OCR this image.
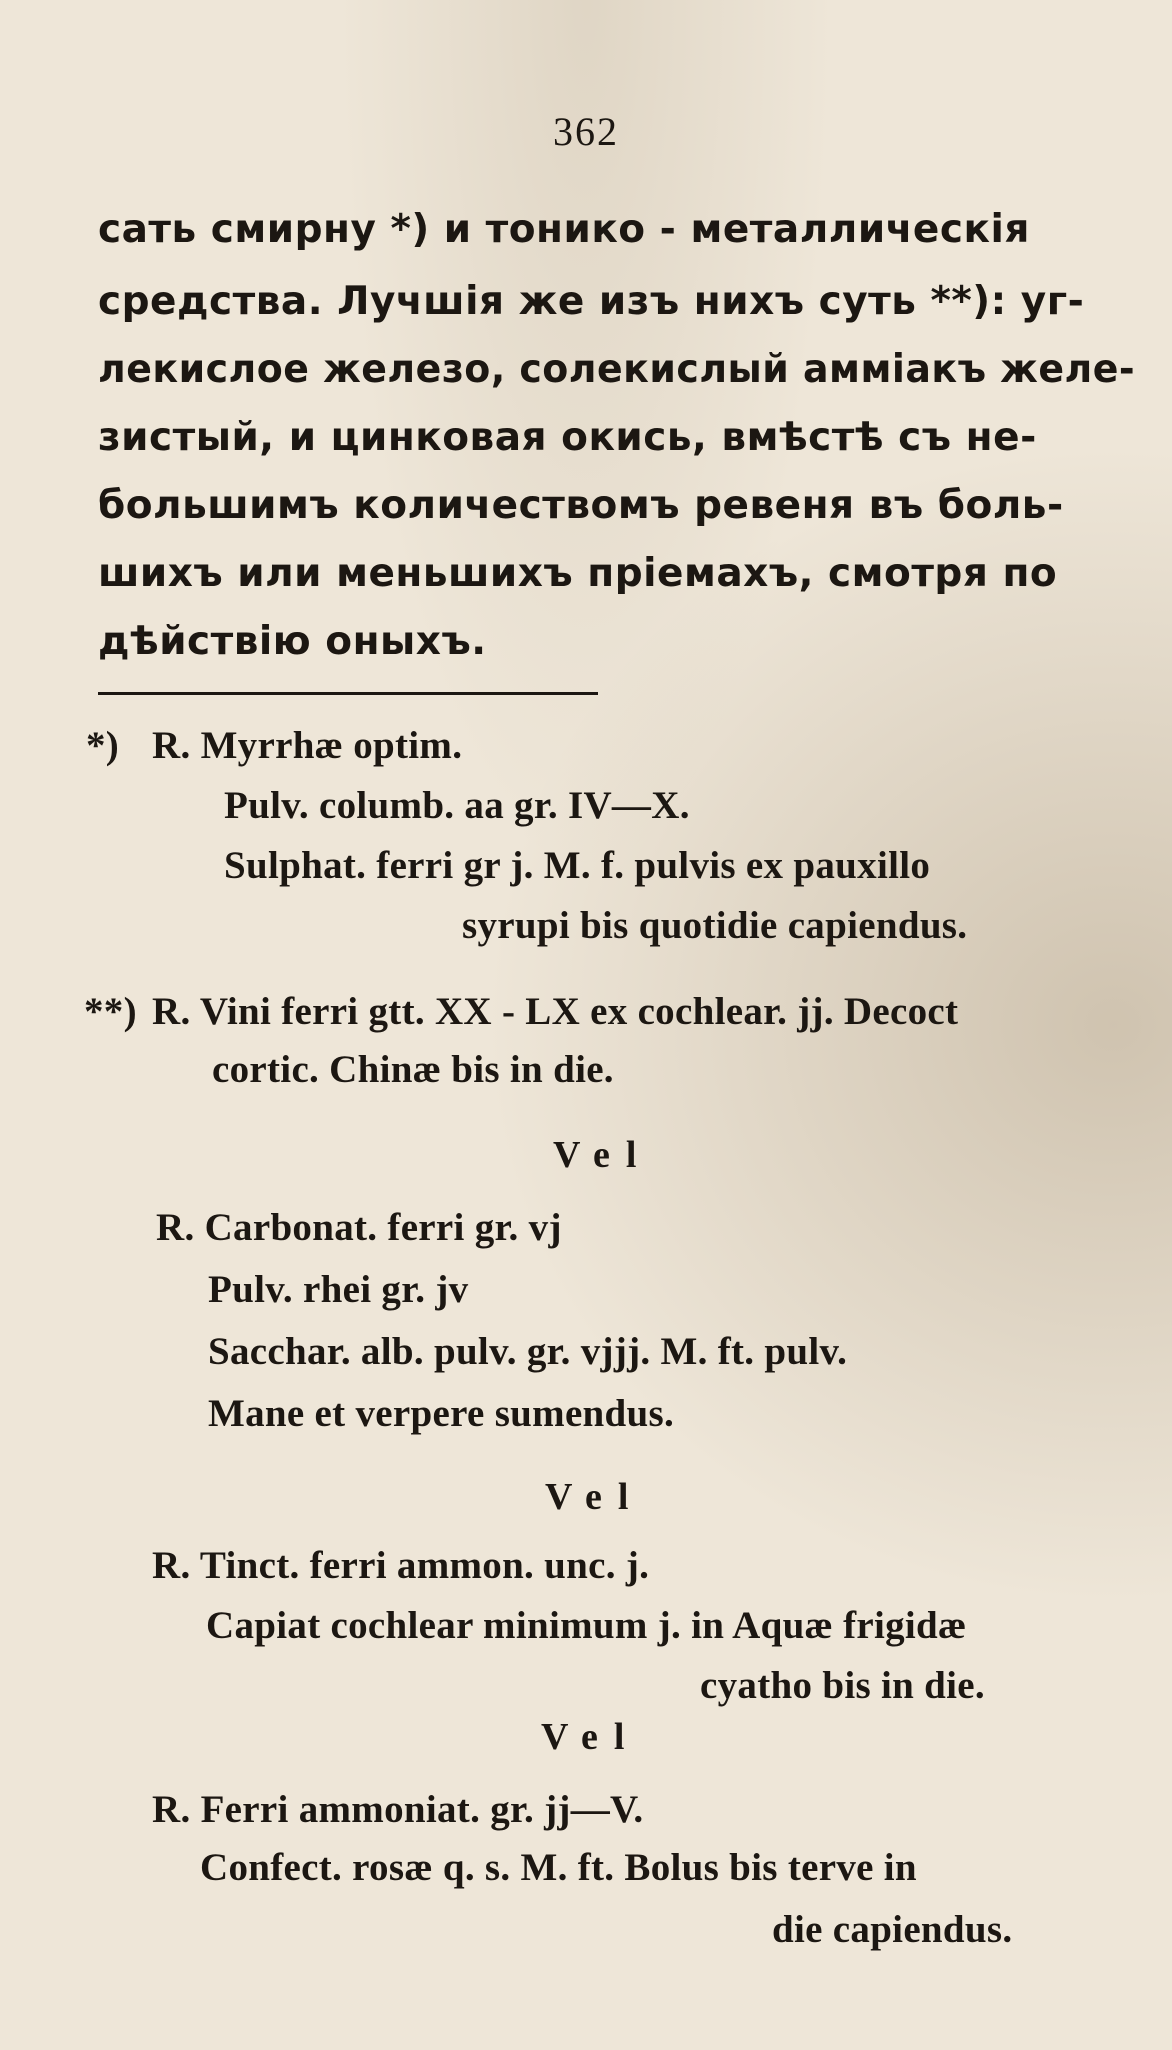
362
сать смирну *) и тонико - металлическія
средства. Лучшія же изъ нихъ суть **): уг-
лекислое железо, солекислый амміакъ желе-
зистый, и цинковая окись, вмѣстѣ съ не-
большимъ количествомъ ревеня въ боль-
шихъ или меньшихъ пріемахъ, смотря по
дѣйствію оныхъ.
*) R. Myrrhæ optim.
Pulv. columb. aa gr. IV—X.
Sulphat. ferri gr j. M. f. pulvis ex pauxillo
syrupi bis quotidie capiendus.
**) R. Vini ferri gtt. XX - LX ex cochlear. jj. Decoct
cortic. Chinæ bis in die.
Vel
R. Carbonat. ferri gr. vj
Pulv. rhei gr. jv
Sacchar. alb. pulv. gr. vjjj. M. ft. pulv.
Mane et verpere sumendus.
Vel
R. Tinct. ferri ammon. unc. j.
Capiat cochlear minimum j. in Aquæ frigidæ
cyatho bis in die.
Vel
R. Ferri ammoniat. gr. jj—V.
Confect. rosæ q. s. M. ft. Bolus bis terve in
die capiendus.
